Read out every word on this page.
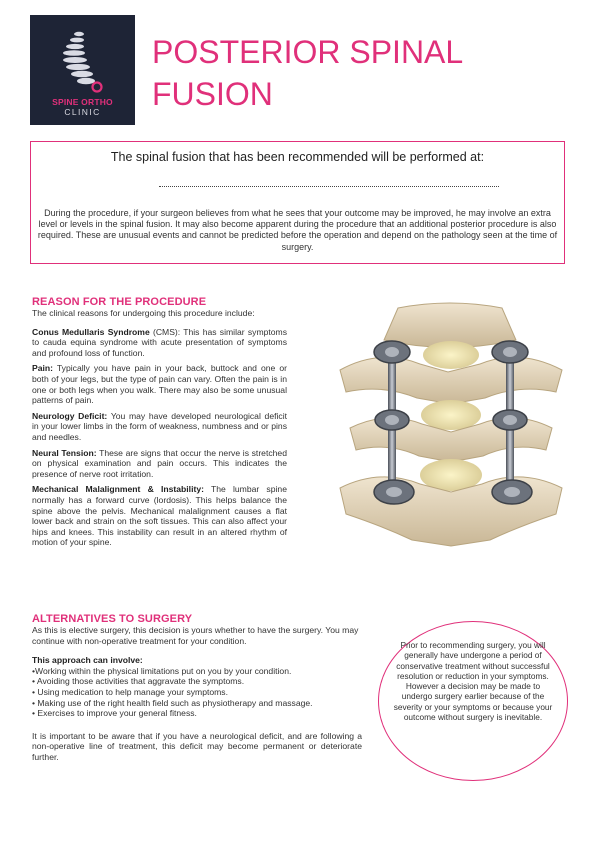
SPINE ORTHO
CLINIC
POSTERIOR SPINAL FUSION
The spinal fusion that has been recommended will be performed at:
During the procedure, if your surgeon believes from what he sees that your outcome may be improved, he may involve an extra level or levels in the spinal fusion. It may also become apparent during the procedure that an additional posterior procedure is also required. These are unusual events and cannot be predicted before the operation and depend on the pathology seen at the time of surgery.
REASON FOR THE PROCEDURE
The clinical reasons for undergoing this procedure include:
Conus Medullaris Syndrome (CMS): This has similar symptoms to cauda equina syndrome with acute presentation of symptoms and profound loss of function.
Pain: Typically you have pain in your back, buttock and one or both of your legs, but the type of pain can vary. Often the pain is in one or both legs when you walk. There may also be some unusual patterns of pain.
Neurology Deficit: You may have developed neurological deficit in your lower limbs in the form of weakness, numbness and or pins and needles.
Neural Tension: These are signs that occur the nerve is stretched on physical examination and pain occurs. This indicates the presence of nerve root irritation.
Mechanical Malalignment & Instability: The lumbar spine normally has a forward curve (lordosis). This helps balance the spine above the pelvis. Mechanical malalignment causes a flat lower back and strain on the soft tissues. This can also affect your hips and knees. This instability can result in an altered rhythm of motion of your spine.
ALTERNATIVES TO SURGERY
As this is elective surgery, this decision is yours whether to have the surgery. You may continue with non-operative treatment for your condition.
This approach can involve:
•Working within the physical limitations put on you by your condition.
• Avoiding those activities that aggravate the symptoms.
• Using medication to help manage your symptoms.
• Making use of the right health field such as physiotherapy and massage.
• Exercises to improve your general fitness.
It is important to be aware that if you have a neurological deficit, and are following a non-operative line of treatment, this deficit may become permanent or deteriorate further.
Prior to recommending surgery, you will generally have undergone a period of conservative treatment without successful resolution or reduction in your symptoms. However a decision may be made to undergo surgery earlier because of the severity or your symptoms or because your outcome without surgery is inevitable.
